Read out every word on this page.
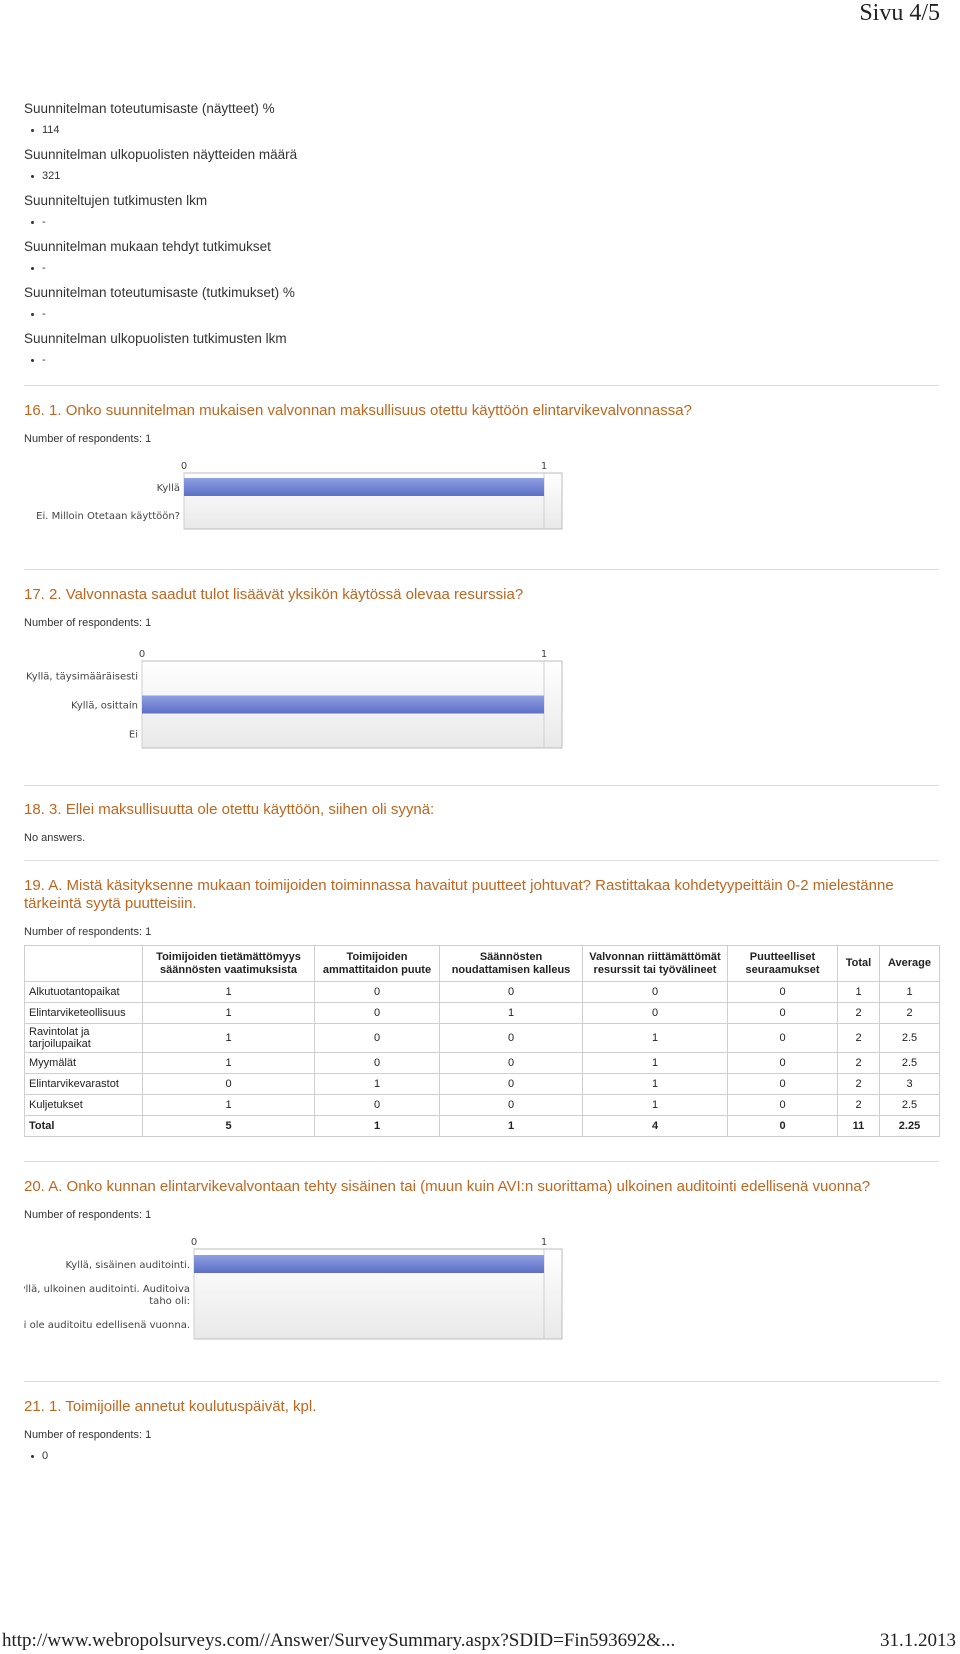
Sivu 4/5

Suunnitelman toteutumisaste (näytteet) %

114

Suunnitelman ulkopuolisten näytteiden määrä

321

Suunniteltujen tutkimusten lkm

-

Suunnitelman mukaan tehdyt tutkimukset

-

Suunnitelman toteutumisaste (tutkimukset) %

-

Suunnitelman ulkopuolisten tutkimusten lkm

-

16. 1. Onko suunnitelman mukaisen valvonnan maksullisuus otettu käyttöön elintarvikevalvonnassa?

Number of respondents: 1

0	1
Kyllä
Ei. Milloin Otetaan käyttöön?

17. 2. Valvonnasta saadut tulot lisäävät yksikön käytössä olevaa resurssia?

Number of respondents: 1

0	1
Kyllä, täysimääräisesti
Kyllä, osittain
Ei

18. 3. Ellei maksullisuutta ole otettu käyttöön, siihen oli syynä:

No answers.

19. A. Mistä käsityksenne mukaan toimijoiden toiminnassa havaitut puutteet johtuvat? Rastittakaa kohdetyypeittäin 0-2 mielestänne tärkeintä syytä puutteisiin.

Number of respondents: 1

	Toimijoiden tietämättömyys säännösten vaatimuksista	Toimijoiden ammattitaidon puute	Säännösten noudattamisen kalleus	Valvonnan riittämättömät resurssit tai työvälineet	Puutteelliset seuraamukset	Total	Average
Alkutuotantopaikat	1	0	0	0	0	1	1
Elintarviketeollisuus	1	0	1	0	0	2	2
Ravintolat ja tarjoilupaikat	1	0	0	1	0	2	2.5
Myymälät	1	0	0	1	0	2	2.5
Elintarvikevarastot	0	1	0	1	0	2	3
Kuljetukset	1	0	0	1	0	2	2.5
Total	5	1	1	4	0	11	2.25

20. A. Onko kunnan elintarvikevalvontaan tehty sisäinen tai (muun kuin AVI:n suorittama) ulkoinen auditointi edellisenä vuonna?

Number of respondents: 1

0	1
Kyllä, sisäinen auditointi.
Kyllä, ulkoinen auditointi. Auditoiva
taho oli:
Ei ole auditoitu edellisenä vuonna.

21. 1. Toimijoille annetut koulutuspäivät, kpl.

Number of respondents: 1

0
http://www.webropolsurveys.com//Answer/SurveySummary.aspx?SDID=Fin593692&...	31.1.2013
